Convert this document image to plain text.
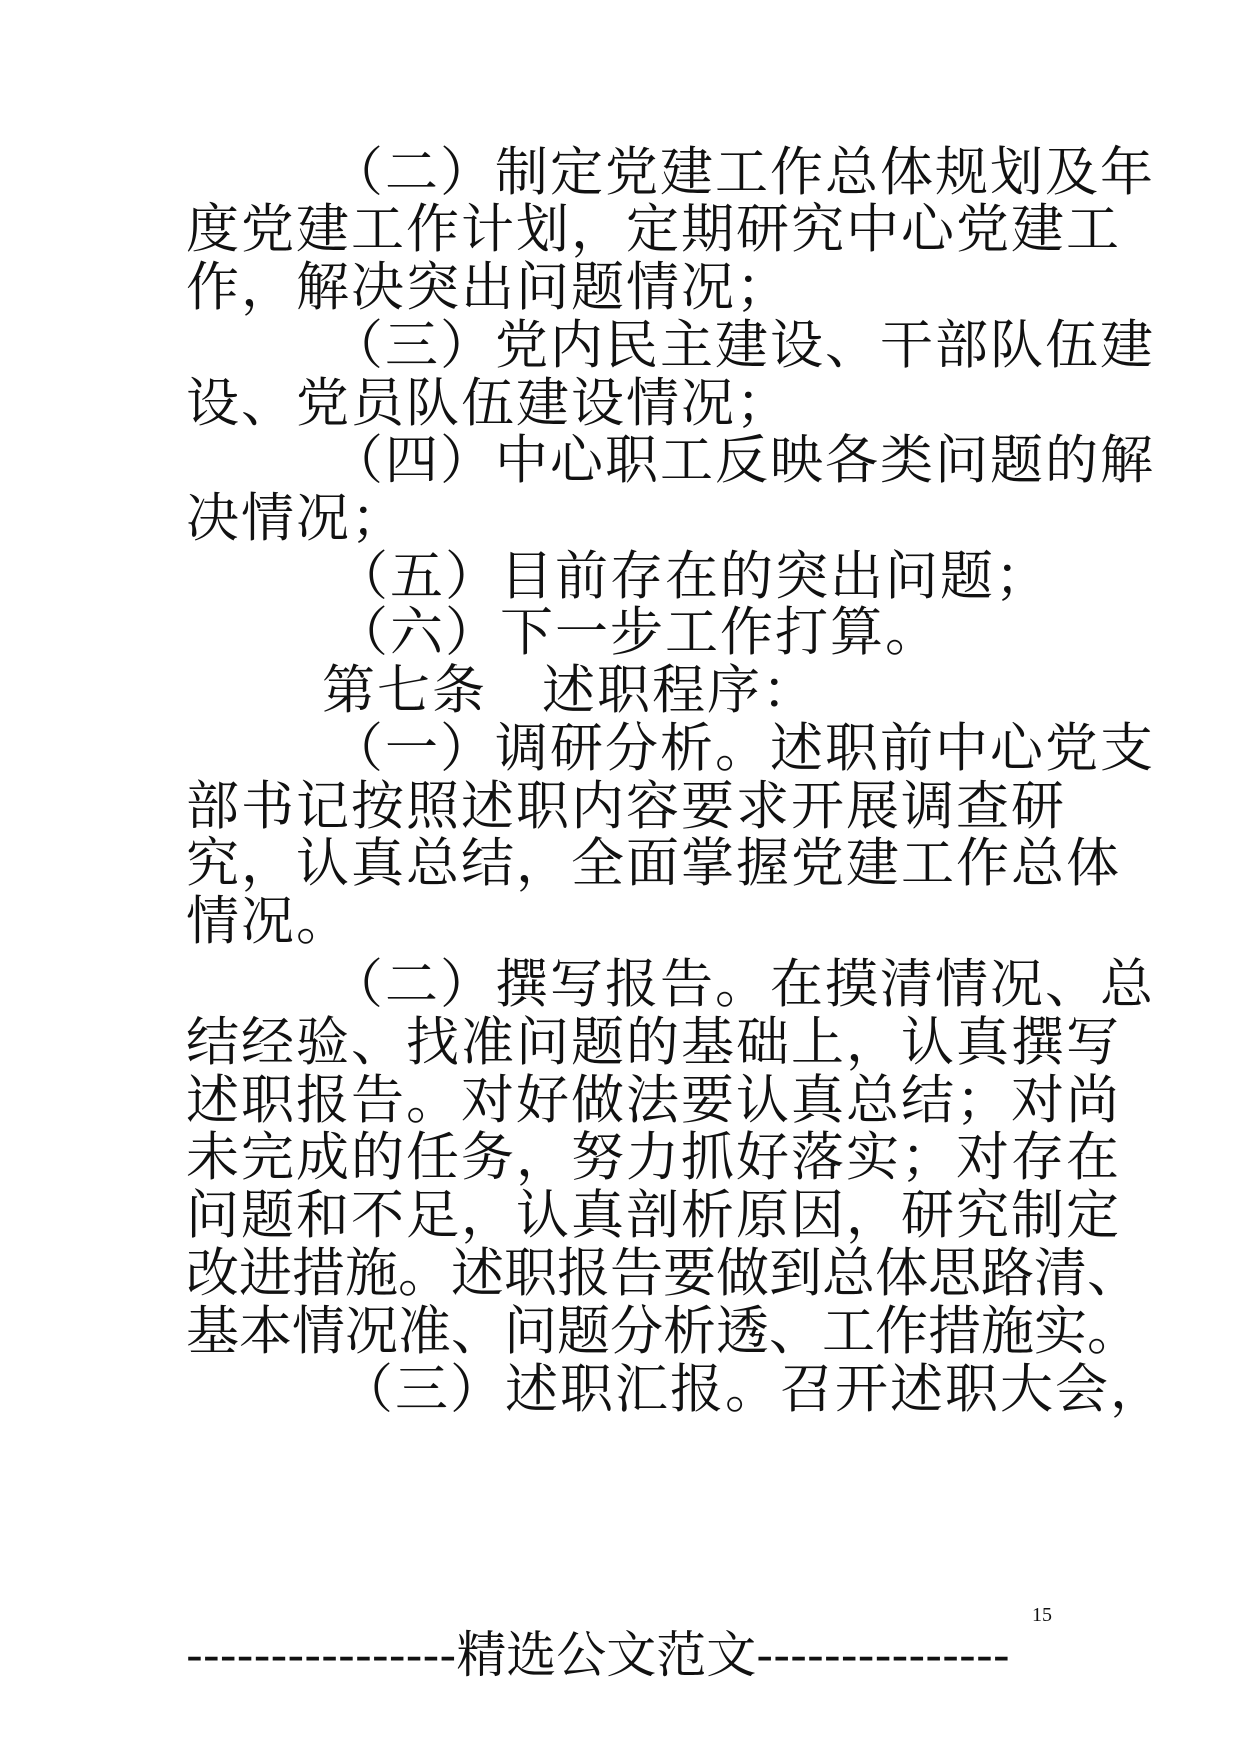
（二）制定党建工作总体规划及年
度党建工作计划，定期研究中心党建工
作，解决突出问题情况；
（三）党内民主建设、干部队伍建
设、党员队伍建设情况；
（四）中心职工反映各类问题的解
决情况；
（五）目前存在的突出问题；
（六）下一步工作打算。
第七条　述职程序：
（一）调研分析。述职前中心党支
部书记按照述职内容要求开展调查研
究，认真总结，全面掌握党建工作总体
情况。
（二）撰写报告。在摸清情况、总
结经验、找准问题的基础上，认真撰写
述职报告。对好做法要认真总结；对尚
未完成的任务，努力抓好落实；对存在
问题和不足，认真剖析原因，研究制定
改进措施。述职报告要做到总体思路清、
基本情况准、问题分析透、工作措施实。
（三）述职汇报。召开述职大会，
15
----------------精选公文范文---------------
